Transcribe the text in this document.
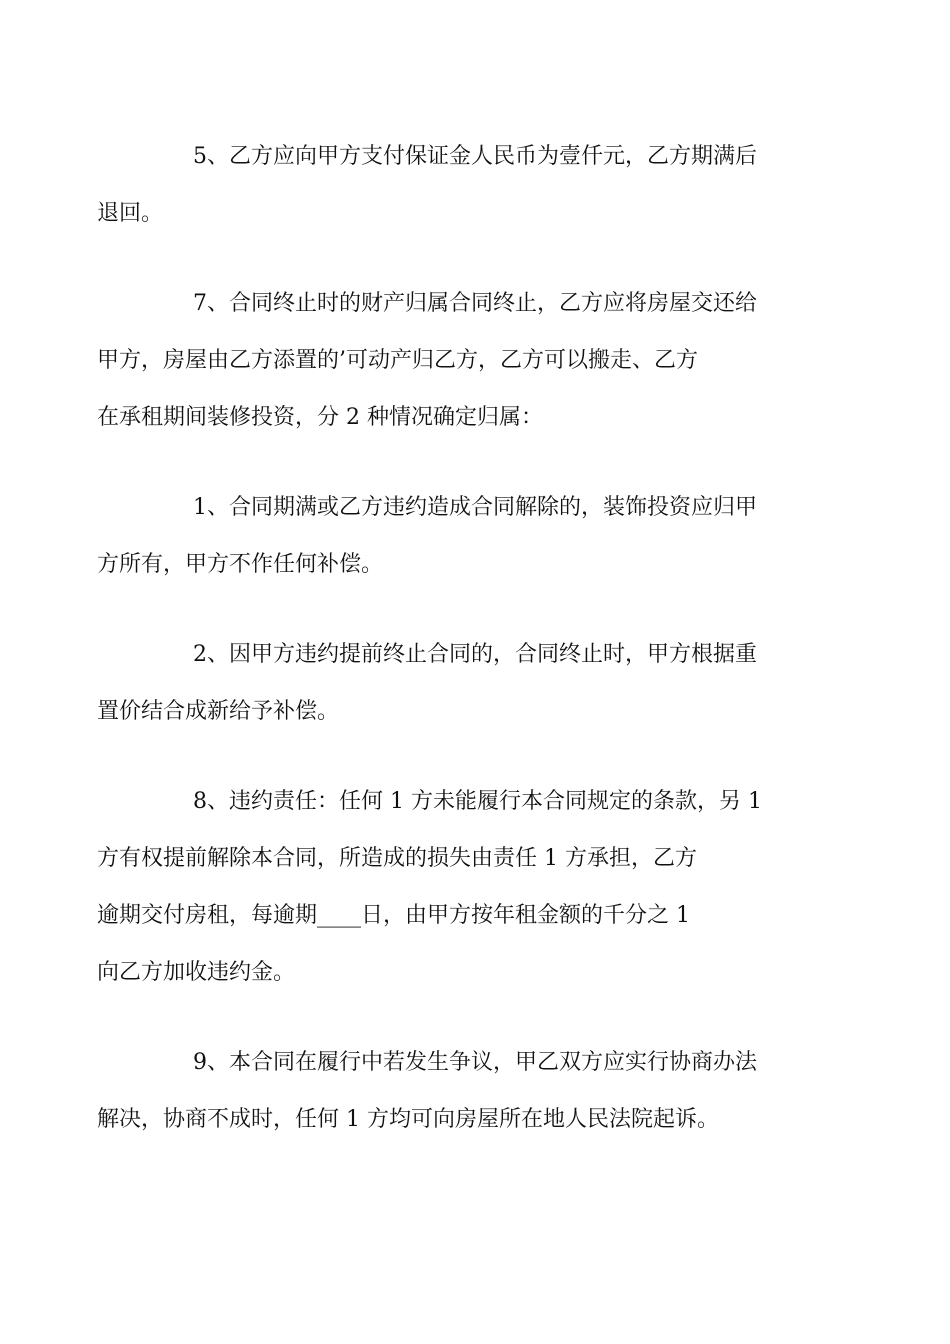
5、乙方应向甲方支付保证金人民币为壹仟元，乙方期满后
退回。

7、合同终止时的财产归属合同终止，乙方应将房屋交还给
甲方，房屋由乙方添置的’可动产归乙方，乙方可以搬走、乙方
在承租期间装修投资，分 2 种情况确定归属：

1、合同期满或乙方违约造成合同解除的，装饰投资应归甲
方所有，甲方不作任何补偿。

2、因甲方违约提前终止合同的，合同终止时，甲方根据重
置价结合成新给予补偿。

8、违约责任：任何 1 方未能履行本合同规定的条款，另 1
方有权提前解除本合同，所造成的损失由责任 1 方承担，乙方
逾期交付房租，每逾期____日，由甲方按年租金额的千分之 1
向乙方加收违约金。

9、本合同在履行中若发生争议，甲乙双方应实行协商办法
解决，协商不成时，任何 1 方均可向房屋所在地人民法院起诉。
